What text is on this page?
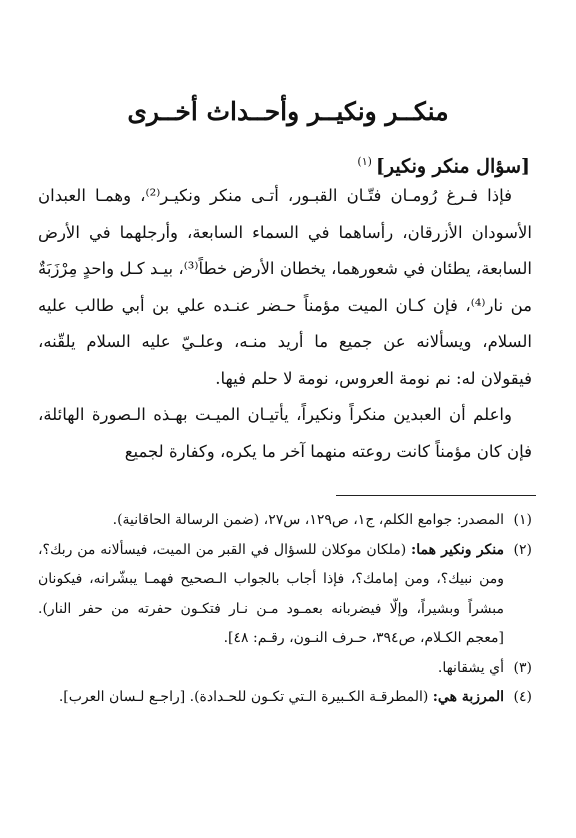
منكــر ونكيــر وأحــداث أخــرى
[سؤال منكر ونكير]$^{(١)}$

فإذا فـرغ رُومـان فتّـان القبـور، أتـى منكر ونكيـر⁽²⁾، وهمـا العبدان الأسودان الأزرقان، رأساهما في السماء السابعة، وأرجلهما في الأرض السابعة، يطئان في شعورهما، يخطان الأرض خطاً⁽³⁾، بيـد كـل واحدٍ مِرْزَبَةٌ من نار⁽⁴⁾، فإن كـان الميت مؤمناً حـضر عنـده علي بن أبي طالب عليه السلام، ويسألانه عن جميع ما أريد منـه، وعلـيّ عليه السلام يلقّنه، فيقولان له: نم نومة العروس، نومة لا حلم فيها.

واعلم أن العبدين منكراً ونكيراً، يأتيـان الميـت بهـذه الـصورة الهائلة، فإن كان مؤمناً كانت روعته منهما آخر ما يكره، وكفارة لجميع

(١)
المصدر: جوامع الكلم، ج١، ص١٢٩، س٢٧، (ضمن الرسالة الحاقانية).
(٢)
منكر ونكير هما: (ملكان موكلان للسؤال في القبر من الميت، فيسألانه من ربك؟، ومن نبيك؟، ومن إمامك؟، فإذا أجاب بالجواب الـصحيح فهمـا يبشّرانه، فيكونان مبشراً وبشيراً، وإلّا فيضربانه بعمـود مـن نـار فتكـون حفرته من حفر النار). [معجم الكـلام، ص٣٩٤، حـرف النـون، رقـم: ٤٨].
(٣)
أي يشقانها.
(٤)
المرزبة هي: (المطرقـة الكـبيرة الـتي تكـون للحـدادة). [راجـع لـسان العرب].
